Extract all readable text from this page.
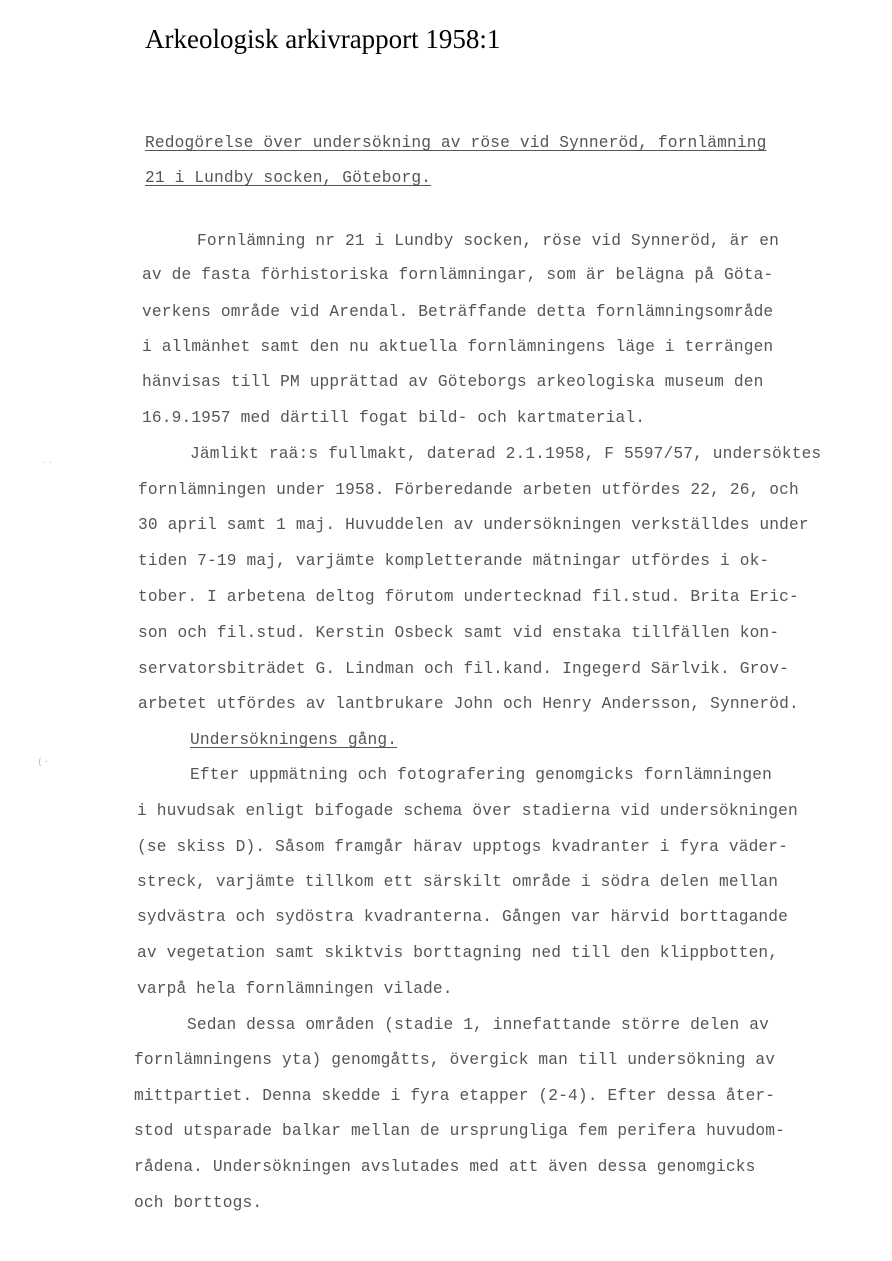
Arkeologisk arkivrapport 1958:1
Redogörelse över undersökning av röse vid Synneröd, fornlämning
21 i Lundby socken, Göteborg.
Fornlämning nr 21 i Lundby socken, röse vid Synneröd, är en
av de fasta förhistoriska fornlämningar, som är belägna på Göta-
verkens område vid Arendal. Beträffande detta fornlämningsområde
i allmänhet samt den nu aktuella fornlämningens läge i terrängen
hänvisas till PM upprättad av Göteborgs arkeologiska museum den
16.9.1957 med därtill fogat bild- och kartmaterial.
Jämlikt raä:s fullmakt, daterad 2.1.1958, F 5597/57, undersöktes
fornlämningen under 1958. Förberedande arbeten utfördes 22, 26, och
30 april samt 1 maj. Huvuddelen av undersökningen verkställdes under
tiden 7-19 maj, varjämte kompletterande mätningar utfördes i ok-
tober. I arbetena deltog förutom undertecknad fil.stud. Brita Eric-
son och fil.stud. Kerstin Osbeck samt vid enstaka tillfällen kon-
servatorsbiträdet G. Lindman och fil.kand. Ingegerd Särlvik. Grov-
arbetet utfördes av lantbrukare John och Henry Andersson, Synneröd.
Undersökningens gång.
Efter uppmätning och fotografering genomgicks fornlämningen
i huvudsak enligt bifogade schema över stadierna vid undersökningen
(se skiss D). Såsom framgår härav upptogs kvadranter i fyra väder-
streck, varjämte tillkom ett särskilt område i södra delen mellan
sydvästra och sydöstra kvadranterna. Gången var härvid borttagande
av vegetation samt skiktvis borttagning ned till den klippbotten,
varpå hela fornlämningen vilade.
Sedan dessa områden (stadie 1, innefattande större delen av
fornlämningens yta) genomgåtts, övergick man till undersökning av
mittpartiet. Denna skedde i fyra etapper (2-4). Efter dessa åter-
stod utsparade balkar mellan de ursprungliga fem perifera huvudom-
rådena. Undersökningen avslutades med att även dessa genomgicks
och borttogs.
· ·
( ·
